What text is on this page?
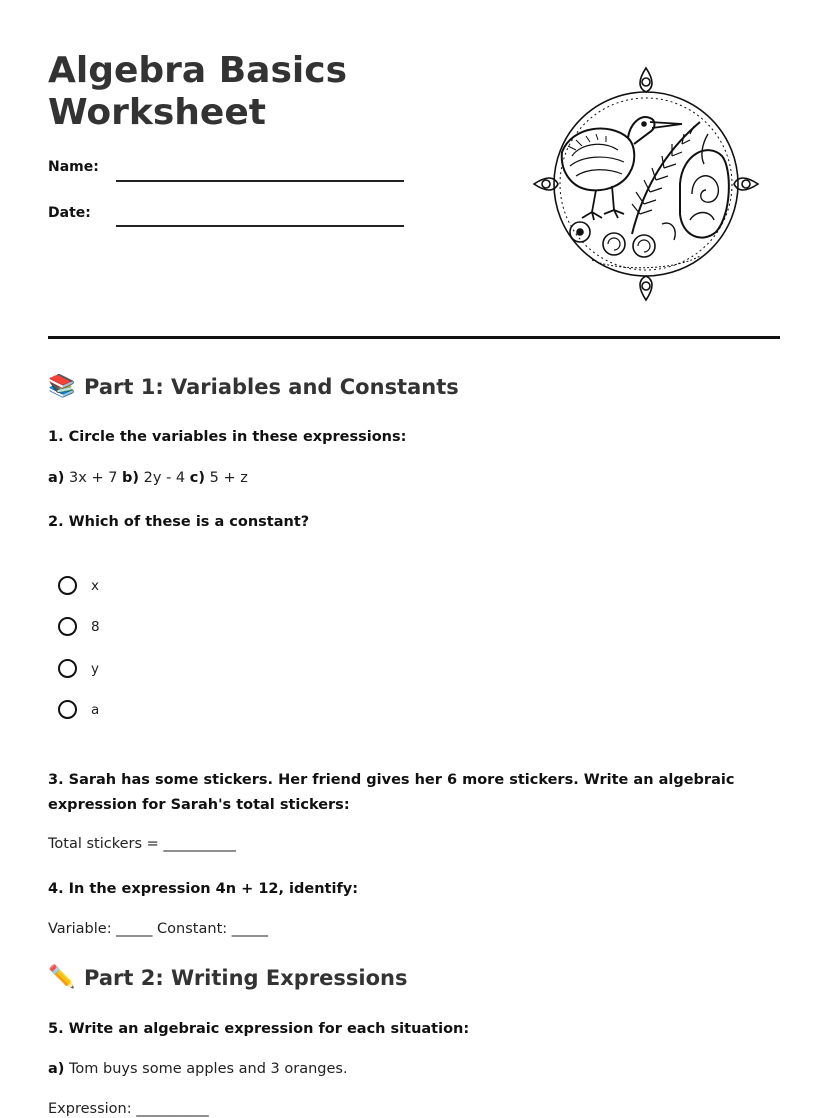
Algebra Basics
Worksheet
Name:
Date:
📚 Part 1: Variables and Constants

1. Circle the variables in these expressions:

a) 3x + 7 b) 2y - 4 c) 5 + z

2. Which of these is a constant?

x
8
y
a

3. Sarah has some stickers. Her friend gives her 6 more stickers. Write an algebraic expression for Sarah's total stickers:

Total stickers = __________

4. In the expression 4n + 12, identify:

Variable: _____ Constant: _____

✏️ Part 2: Writing Expressions

5. Write an algebraic expression for each situation:

a) Tom buys some apples and 3 oranges.

Expression: __________
